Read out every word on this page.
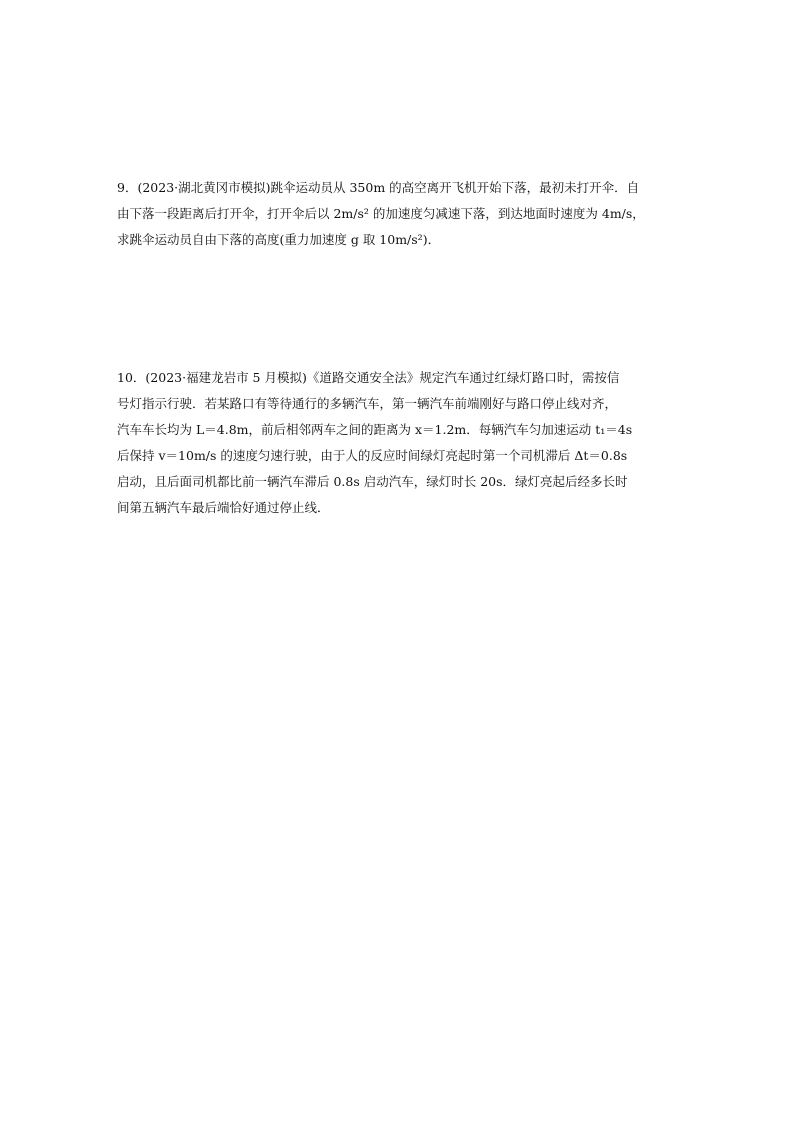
9．(2023·湖北黄冈市模拟)跳伞运动员从 350m 的高空离开飞机开始下落，最初未打开伞．自
由下落一段距离后打开伞，打开伞后以 2m/s² 的加速度匀减速下落，到达地面时速度为 4m/s，
求跳伞运动员自由下落的高度(重力加速度 g 取 10m/s²)．
10．(2023·福建龙岩市 5 月模拟)《道路交通安全法》规定汽车通过红绿灯路口时，需按信
号灯指示行驶．若某路口有等待通行的多辆汽车，第一辆汽车前端刚好与路口停止线对齐，
汽车车长均为 L＝4.8m，前后相邻两车之间的距离为 x＝1.2m．每辆汽车匀加速运动 t₁＝4s
后保持 v＝10m/s 的速度匀速行驶，由于人的反应时间绿灯亮起时第一个司机滞后 Δt＝0.8s
启动，且后面司机都比前一辆汽车滞后 0.8s 启动汽车，绿灯时长 20s．绿灯亮起后经多长时
间第五辆汽车最后端恰好通过停止线．
